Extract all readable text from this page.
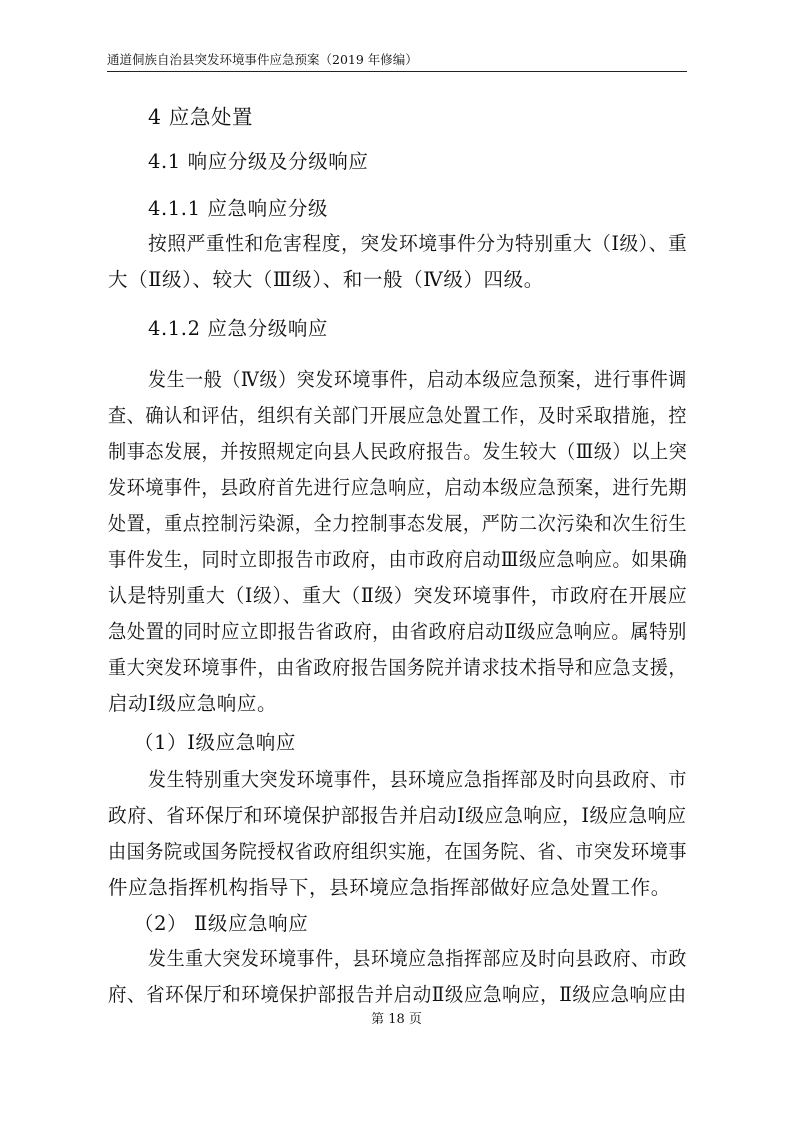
通道侗族自治县突发环境事件应急预案（2019 年修编）
4 应急处置
4.1 响应分级及分级响应
4.1.1 应急响应分级
按照严重性和危害程度，突发环境事件分为特别重大（Ⅰ级）、重
大（Ⅱ级）、较大（Ⅲ级）、和一般（Ⅳ级）四级。
4.1.2 应急分级响应
发生一般（Ⅳ级）突发环境事件，启动本级应急预案，进行事件调
查、确认和评估，组织有关部门开展应急处置工作，及时采取措施，控
制事态发展，并按照规定向县人民政府报告。发生较大（Ⅲ级）以上突
发环境事件，县政府首先进行应急响应，启动本级应急预案，进行先期
处置，重点控制污染源，全力控制事态发展，严防二次污染和次生衍生
事件发生，同时立即报告市政府，由市政府启动Ⅲ级应急响应。如果确
认是特别重大（Ⅰ级）、重大（Ⅱ级）突发环境事件，市政府在开展应
急处置的同时应立即报告省政府，由省政府启动Ⅱ级应急响应。属特别
重大突发环境事件，由省政府报告国务院并请求技术指导和应急支援，
启动Ⅰ级应急响应。
（1）Ⅰ级应急响应
发生特别重大突发环境事件，县环境应急指挥部及时向县政府、市
政府、省环保厅和环境保护部报告并启动Ⅰ级应急响应，Ⅰ级应急响应
由国务院或国务院授权省政府组织实施，在国务院、省、市突发环境事
件应急指挥机构指导下，县环境应急指挥部做好应急处置工作。
（2） Ⅱ级应急响应
发生重大突发环境事件，县环境应急指挥部应及时向县政府、市政
府、省环保厅和环境保护部报告并启动Ⅱ级应急响应，Ⅱ级应急响应由
第 18 页
